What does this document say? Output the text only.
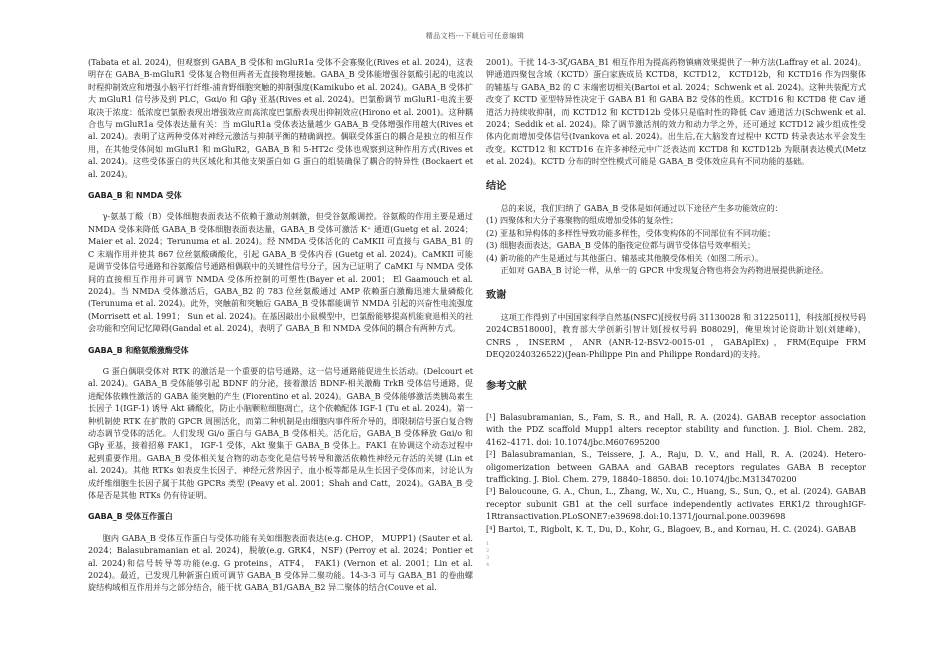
精品文档---下载后可任意编辑

(Tabata et al. 2024)，但观察到 GABA_B 受体和 mGluR1a 受体不会寡聚化(Rives et al. 2024)，这表明存在 GABA_B-mGluR1 受体复合物但两者无直接物理接触。GABA_B 受体能增强谷氨酸引起的电流以时程抑制效应和增强小脑平行纤维-浦肯野细胞突触的抑制强度(Kamikubo et al. 2024)。GABA_B 受体扩大 mGluR1 信号涉及到 PLC，Gαi/o 和 Gβγ 亚基(Rives et al. 2024)。巴氯酚调节 mGluR1-电流主要取决于浓度：低浓度巴氯酚表现出增强效应而高浓度巴氯酚表现出抑制效应(Hirono et al. 2001)。这种耦合也与 mGluR1a 受体表达量有关：当 mGluR1a 受体表达量越少 GABA_B 受体增强作用越大(Rives et al. 2024)。表明了这两种受体对神经元激活与抑制平衡的精确调控。偶联受体蛋白的耦合是独立的相互作用，在其他受体间如 mGluR1 和 mGluR2，GABA_B 和 5-HT2c 受体也观察到这种作用方式(Rives et al. 2024)。这些受体蛋白的共区域化和其他支架蛋白如 G 蛋白的组装确保了耦合的特异性 (Bockaert et al. 2024)。

GABA_B 和 NMDA 受体

γ-氨基丁酸（B）受体细胞表面表达不依赖于激动剂刺激，但受谷氨酸调控。谷氨酸的作用主要是通过 NMDA 受体来降低 GABA_B 受体细胞表面表达量，GABA_B 受体可激活 K⁺ 通道(Guetg et al. 2024； Maier et al. 2024；Terunuma et al. 2024)。经 NMDA 受体活化的 CaMKII 可直接与 GABA_B1 的 C 末端作用并使其 867 位丝氨酸磷酸化，引起 GABA_B 受体内吞 (Guetg et al. 2024)。CaMKII 可能是调节受体信号通路和谷氨酸信号通路相偶联中的关键性信号分子，因为已证明了 CaMKI 与 NMDA 受体间的直接相互作用并可调节 NMDA 受体所控制的可塑性(Bayer et al. 2001； El Gaamouch et al. 2024)。当 NMDA 受体激活后，GABA_B2 的 783 位丝氨酸通过 AMP 依赖蛋白激酶迅速大量磷酸化(Terunuma et al. 2024)。此外，突触前和突触后 GABA_B 受体都能调节 NMDA 引起的兴奋性电流强度(Morrisett et al. 1991； Sun et al. 2024)。在基因敲出小鼠模型中，巴氯酚能够提高机能衰退相关的社会功能和空间记忆障碍(Gandal et al. 2024)，表明了 GABA_B 和 NMDA 受体间的耦合有两种方式。

GABA_B 和酪氨酸激酶受体

G 蛋白偶联受体对 RTK 的激活是一个重要的信号通路，这一信号通路能促进生长活动。(Delcourt et al. 2024)。GABA_B 受体能够引起 BDNF 的分泌，接着激活 BDNF-相关激酶 TrkB 受体信号通路，促进配体依赖性激活的 GABA 能突触的产生 (Fiorentino et al. 2024)。GABA_B 受体能够激活类胰岛素生长因子 1(IGF-1) 诱导 Akt 磷酸化，防止小脑颗粒细胞凋亡，这个依赖配体 IGF-1 (Tu et al. 2024)。第一种机制使 RTK 在扩散的 GPCR 周围活化，而第二种机制是由细胞内事件所介导的，即限制信号蛋白复合物动态调节受体的活化。人们发现 Gi/o 蛋白与 GABA_B 受体相关。活化后，GABA_B 受体释放 Gαi/o 和 Gβγ 亚基，接着招募 FAK1， IGF-1 受体，Akt 聚集于 GABA_B 受体上。FAK1 在协调这个动态过程中起到重要作用。GABA_B 受体相关复合物的动态变化是信号转导和激活依赖性神经元存活的关键 (Lin et al. 2024)。其他 RTKs 如表皮生长因子、神经元营养因子、血小板等都是从生长因子受体而来，讨论认为成纤维细胞生长因子属于其他 GPCRs 类型 (Peavy et al. 2001；Shah and Catt，2024)。GABA_B 受体是否是其他 RTKs 仍有待证明。

GABA_B 受体互作蛋白

胞内 GABA_B 受体互作蛋白与受体功能有关如细胞表面表达(e.g. CHOP， MUPP1) (Sauter et al. 2024；Balasubramanian et al. 2024)，脱敏(e.g. GRK4，NSF) (Perroy et al. 2024；Pontier et al. 2024)和信号转导等功能(e.g. G proteins，ATF4， FAK1) (Vernon et al. 2001；Lin et al. 2024)。最近，已发现几种新蛋白质可调节 GABA_B 受体异二聚功能。14-3-3 可与 GABA_B1 的卷曲螺旋结构域相互作用并与之部分结合，能干扰 GABA_B1/GABA_B2 异二聚体的结合(Couve et al.

2001)。干扰 14-3-3ζ/GABA_B1 相互作用为提高药物镇痛效果提供了一种方法(Laffray et al. 2024)。钾通道四聚包含域（KCTD）蛋白家族成员 KCTD8，KCTD12， KCTD12b，和 KCTD16 作为四聚体的辅基与 GABA_B2 的 C 末端密切相关(Bartoi et al. 2024；Schwenk et al. 2024)。这种共装配方式改变了 KCTD 亚型特异性决定于 GABA B1 和 GABA B2 受体的性质。KCTD16 和 KCTD8 使 Cav 通道活力持续收抑制，而 KCTD12 和 KCTD12b 受体只是临时性的降低 Cav 通道活力(Schwenk et al. 2024；Seddik et al. 2024)。除了调节激活剂的效力和动力学之外，还可通过 KCTD12 减少组成性受体内化而增加受体信号(Ivankova et al. 2024)。出生后,在大脑发育过程中 KCTD 转录表达水平会发生改变。KCTD12 和 KCTD16 在许多神经元中广泛表达而 KCTD8 和 KCTD12b 为限制表达模式(Metz et al. 2024)。KCTD 分布的时空性模式可能是 GABA_B 受体效应具有不同功能的基础。

结论

总的来说，我们归纳了 GABA_B 受体是如何通过以下途径产生多功能效应的：

(1) 四聚体和大分子寡聚物的组成增加受体的复杂性；

(2) 亚基和异构体的多样性导致功能多样性，受体变构体的不同部位有不同功能；

(3) 细胞表面表达，GABA_B 受体的脂筏定位都与调节受体信号效率相关；

(4) 新功能的产生是通过与其他蛋白、辅基或其他膜受体相关（如图二所示）。

正如对 GABA_B 讨论一样，从单一的 GPCR 中发现复合物也将会为药物进展提供新途径。

致谢

这项工作得到了中国国家科学自然基(NSFC)[授权号码 31130028 和 31225011]，科技部[授权号码 2024CB518000]，教育部大学创新引智计划[授权号码 B08029]，俺里埃讨论资助计划(刘建峰)，CNRS，INSERM，ANR (ANR-12-BSV2-0015-01，GABAplEx)，FRM(Equipe FRM DEQ20240326522)(Jean-Philippe Pin and Philippe Rondard)的支持。

参考文献

[¹] Balasubramanian, S., Fam, S. R., and Hall, R. A. (2024). GABAB receptor association with the PDZ scaffold Mupp1 alters receptor stability and function. J. Biol. Chem. 282, 4162–4171. doi: 10.1074/jbc.M607695200

[²] Balasubramanian, S., Teissere, J. A., Raju, D. V., and Hall, R. A. (2024). Hetero-oligomerization between GABAA and GABAB receptors regulates GABA B receptor trafficking. J. Biol. Chem. 279, 18840–18850. doi: 10.1074/jbc.M313470200

[³] Baloucoune, G. A., Chun, L., Zhang, W., Xu, C., Huang, S., Sun, Q., et al. (2024). GABAB receptor subunit GB1 at the cell surface independently activates ERK1/2 throughIGF-1Rtransactivation.PLoSONE7:e39698.doi:10.1371/journal.pone.0039698

[⁴] Bartoi, T., Rigbolt, K. T., Du, D., Kohr, G., Blagoev, B., and Kornau, H. C. (2024). GABAB

1
2
3
4
